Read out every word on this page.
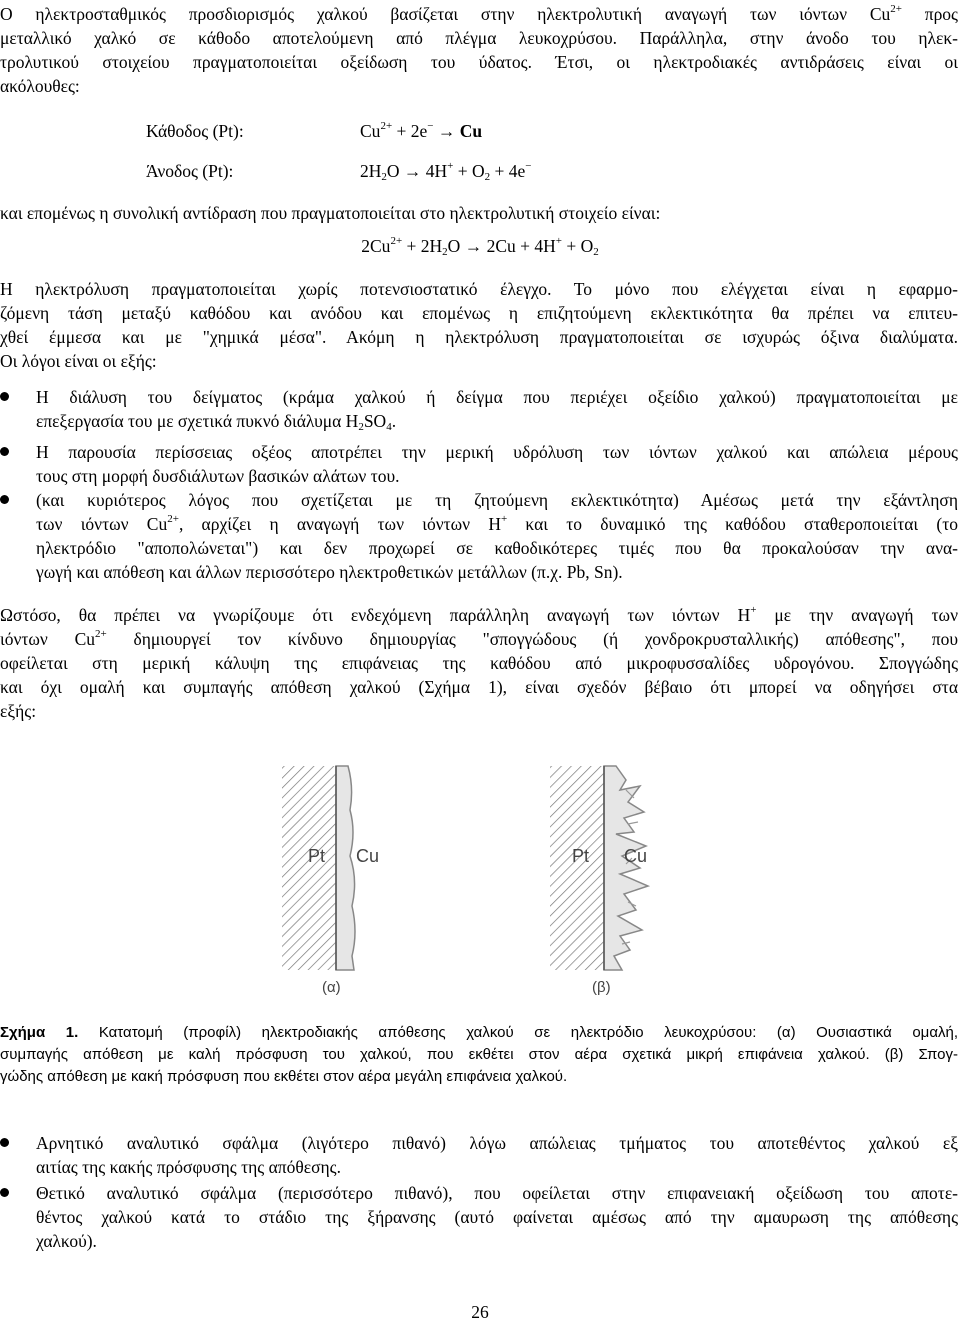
Ο ηλεκτροσταθμικός προσδιορισμός χαλκού βασίζεται στην ηλεκτρολυτική αναγωγή των ιόντων $Cu^{2+}$ προς
μεταλλικό χαλκό σε κάθοδο αποτελούμενη από πλέγμα λευκοχρύσου. Παράλληλα, στην άνοδο του ηλεκ-
τρολυτικού στοιχείου πραγματοποιείται οξείδωση του ύδατος. Έτσι, οι ηλεκτροδιακές αντιδράσεις είναι οι
ακόλουθες:
Κάθοδος (Pt):	$Cu^{2+} + 2e^- \to Cu$
Άνοδος (Pt):	$2H_2O \to 4H^+ + O_2 + 4e^-$
και επομένως η συνολική αντίδραση που πραγματοποιείται στο ηλεκτρολυτική στοιχείο είναι:
$2Cu^{2+} + 2H_2O \to 2Cu + 4H^+ + O_2$
Η ηλεκτρόλυση πραγματοποιείται χωρίς ποτενσιοστατικό έλεγχο. Το μόνο που ελέγχεται είναι η εφαρμο-
ζόμενη τάση μεταξύ καθόδου και ανόδου και επομένως η επιζητούμενη εκλεκτικότητα θα πρέπει να επιτευ-
χθεί έμμεσα και με "χημικά μέσα". Ακόμη η ηλεκτρόλυση πραγματοποιείται σε ισχυρώς όξινα διαλύματα.
Οι λόγοι είναι οι εξής:
Η διάλυση του δείγματος (κράμα χαλκού ή δείγμα που περιέχει οξείδιο χαλκού) πραγματοποιείται με
επεξεργασία του με σχετικά πυκνό διάλυμα $H_2SO_4$.
Η παρουσία περίσσειας οξέος αποτρέπει την μερική υδρόλυση των ιόντων χαλκού και απώλεια μέρους
τους στη μορφή δυσδιάλυτων βασικών αλάτων του.
(και κυριότερος λόγος που σχετίζεται με τη ζητούμενη εκλεκτικότητα) Αμέσως μετά την εξάντληση
των ιόντων $Cu^{2+}$, αρχίζει η αναγωγή των ιόντων H+ και το δυναμικό της καθόδου σταθεροποιείται (το
ηλεκτρόδιο "αποπολώνεται") και δεν προχωρεί σε καθοδικότερες τιμές που θα προκαλούσαν την ανα-
γωγή και απόθεση και άλλων περισσότερο ηλεκτροθετικών μετάλλων (π.χ. Pb, Sn).
Ωστόσο, θα πρέπει να γνωρίζουμε ότι ενδεχόμενη παράλληλη αναγωγή των ιόντων H+ με την αναγωγή των
ιόντων $Cu^{2+}$ δημιουργεί τον κίνδυνο δημιουργίας "σπογγώδους (ή χονδροκρυσταλλικής) απόθεσης", που
οφείλεται στη μερική κάλυψη της επιφάνειας της καθόδου από μικροφυσσαλίδες υδρογόνου. Σπογγώδης
και όχι ομαλή και συμπαγής απόθεση χαλκού (Σχήμα 1), είναι σχεδόν βέβαιο ότι μπορεί να οδηγήσει στα
εξής:
Pt Cu
(α)
Pt Cu
(β)
Σχήμα 1. Κατατομή (προφίλ) ηλεκτροδιακής απόθεσης χαλκού σε ηλεκτρόδιο λευκοχρύσου: (α) Ουσιαστικά ομαλή,
συμπαγής απόθεση με καλή πρόσφυση του χαλκού, που εκθέτει στον αέρα σχετικά μικρή επιφάνεια χαλκού. (β) Σπογ-
γώδης απόθεση με κακή πρόσφυση που εκθέτει στον αέρα μεγάλη επιφάνεια χαλκού.
Αρνητικό αναλυτικό σφάλμα (λιγότερο πιθανό) λόγω απώλειας τμήματος του αποτεθέντος χαλκού εξ
αιτίας της κακής πρόσφυσης της απόθεσης.
Θετικό αναλυτικό σφάλμα (περισσότερο πιθανό), που οφείλεται στην επιφανειακή οξείδωση του αποτε-
θέντος χαλκού κατά το στάδιο της ξήρανσης (αυτό φαίνεται αμέσως από την αμαυρωση της απόθεσης
χαλκού).
26
